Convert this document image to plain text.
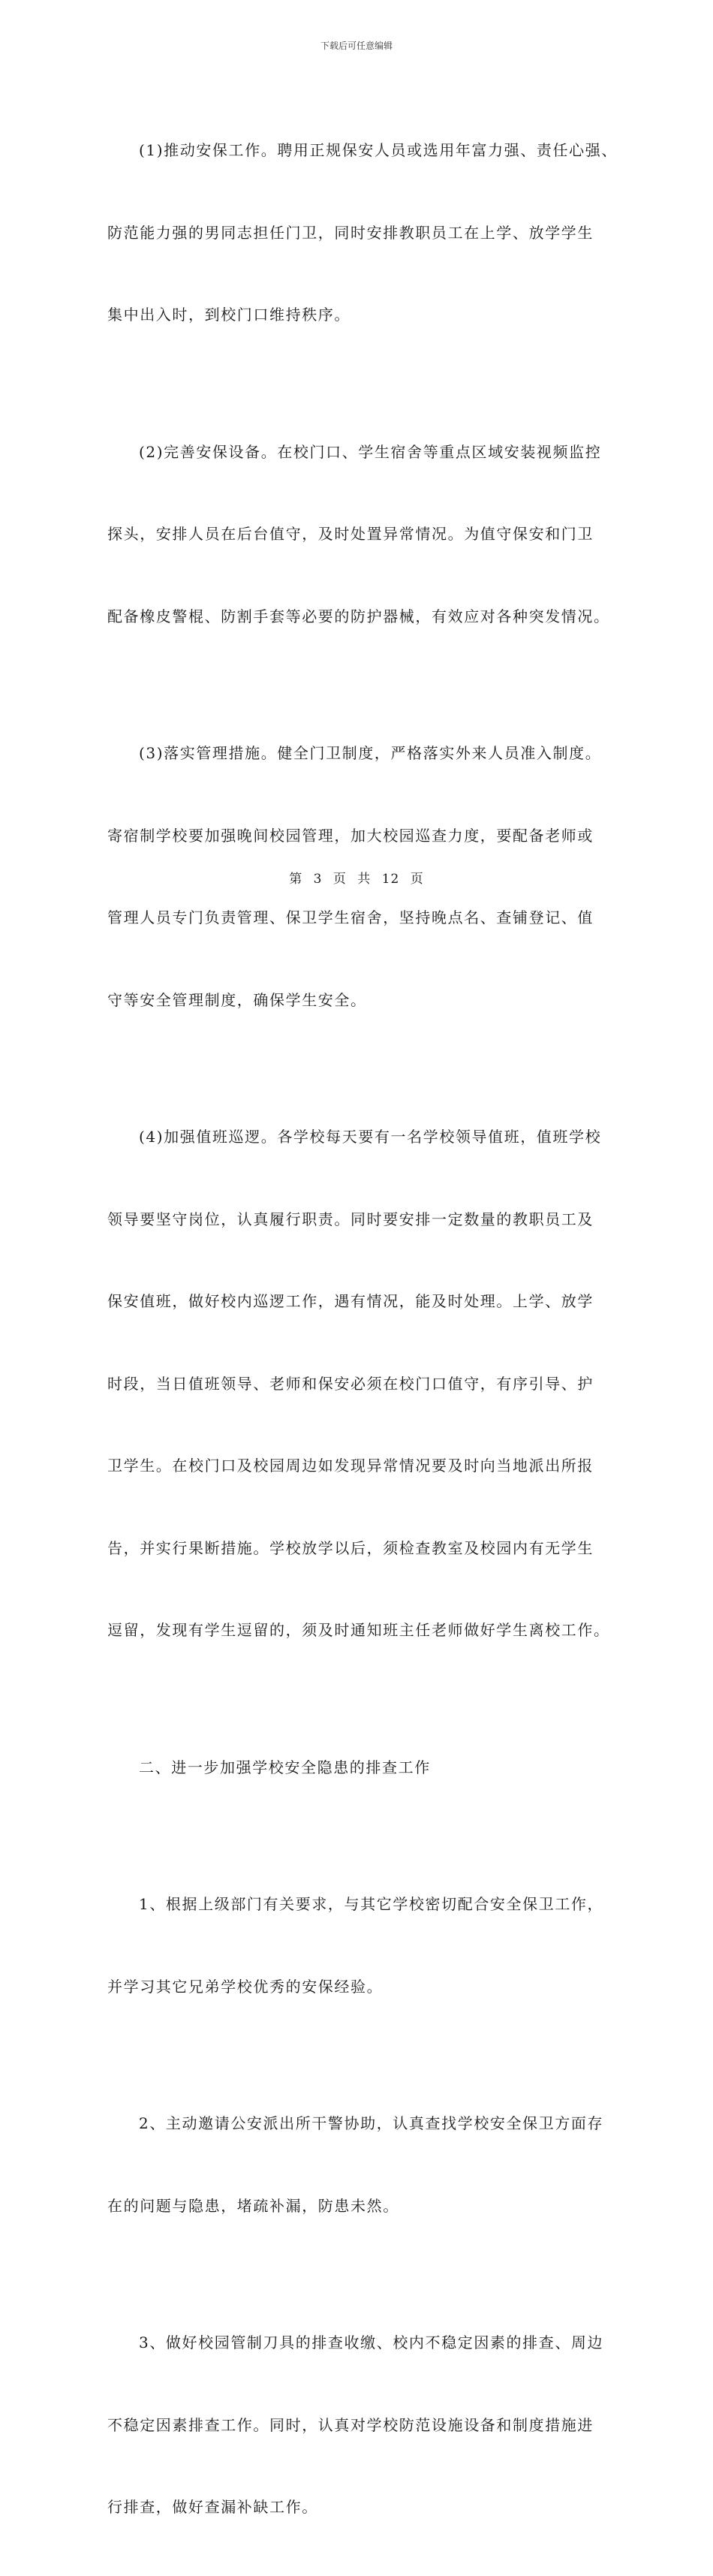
下载后可任意编辑

(1)推动安保工作。聘用正规保安人员或选用年富力强、责任心强、

防范能力强的男同志担任门卫，同时安排教职员工在上学、放学学生

集中出入时，到校门口维持秩序。

(2)完善安保设备。在校门口、学生宿舍等重点区域安装视频监控

探头，安排人员在后台值守，及时处置异常情况。为值守保安和门卫

配备橡皮警棍、防割手套等必要的防护器械，有效应对各种突发情况。

(3)落实管理措施。健全门卫制度，严格落实外来人员准入制度。

寄宿制学校要加强晚间校园管理，加大校园巡查力度，要配备老师或

管理人员专门负责管理、保卫学生宿舍，坚持晚点名、查铺登记、值

守等安全管理制度，确保学生安全。

(4)加强值班巡逻。各学校每天要有一名学校领导值班，值班学校

领导要坚守岗位，认真履行职责。同时要安排一定数量的教职员工及

保安值班，做好校内巡逻工作，遇有情况，能及时处理。上学、放学

时段，当日值班领导、老师和保安必须在校门口值守，有序引导、护

卫学生。在校门口及校园周边如发现异常情况要及时向当地派出所报

告，并实行果断措施。学校放学以后，须检查教室及校园内有无学生

逗留，发现有学生逗留的，须及时通知班主任老师做好学生离校工作。

二、进一步加强学校安全隐患的排查工作

1、根据上级部门有关要求，与其它学校密切配合安全保卫工作，

并学习其它兄弟学校优秀的安保经验。

2、主动邀请公安派出所干警协助，认真查找学校安全保卫方面存

在的问题与隐患，堵疏补漏，防患未然。

3、做好校园管制刀具的排查收缴、校内不稳定因素的排查、周边

不稳定因素排查工作。同时，认真对学校防范设施设备和制度措施进

行排查，做好查漏补缺工作。

第 3 页 共 12 页
